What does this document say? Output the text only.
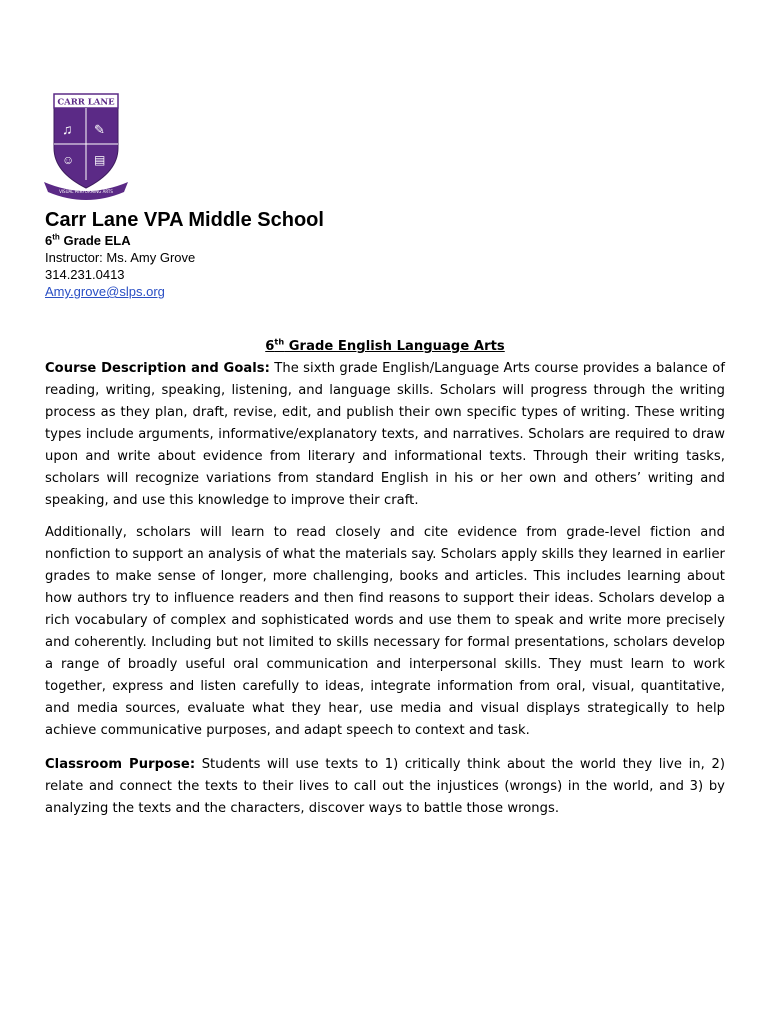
CARR LANE
♫ ✎
☺ ▤
VISUAL PERFORMING ARTS
Carr Lane VPA Middle School
6th Grade ELA
Instructor: Ms. Amy Grove
314.231.0413
Amy.grove@slps.org

6th Grade English Language Arts

Course Description and Goals: The sixth grade English/Language Arts course provides a balance of reading, writing, speaking, listening, and language skills. Scholars will progress through the writing process as they plan, draft, revise, edit, and publish their own specific types of writing. These writing types include arguments, informative/explanatory texts, and narratives. Scholars are required to draw upon and write about evidence from literary and informational texts. Through their writing tasks, scholars will recognize variations from standard English in his or her own and others’ writing and speaking, and use this knowledge to improve their craft.

Additionally, scholars will learn to read closely and cite evidence from grade-level fiction and nonfiction to support an analysis of what the materials say. Scholars apply skills they learned in earlier grades to make sense of longer, more challenging, books and articles. This includes learning about how authors try to influence readers and then find reasons to support their ideas. Scholars develop a rich vocabulary of complex and sophisticated words and use them to speak and write more precisely and coherently. Including but not limited to skills necessary for formal presentations, scholars develop a range of broadly useful oral communication and interpersonal skills. They must learn to work together, express and listen carefully to ideas, integrate information from oral, visual, quantitative, and media sources, evaluate what they hear, use media and visual displays strategically to help achieve communicative purposes, and adapt speech to context and task.

Classroom Purpose: Students will use texts to 1) critically think about the world they live in, 2) relate and connect the texts to their lives to call out the injustices (wrongs) in the world, and 3) by analyzing the texts and the characters, discover ways to battle those wrongs.
